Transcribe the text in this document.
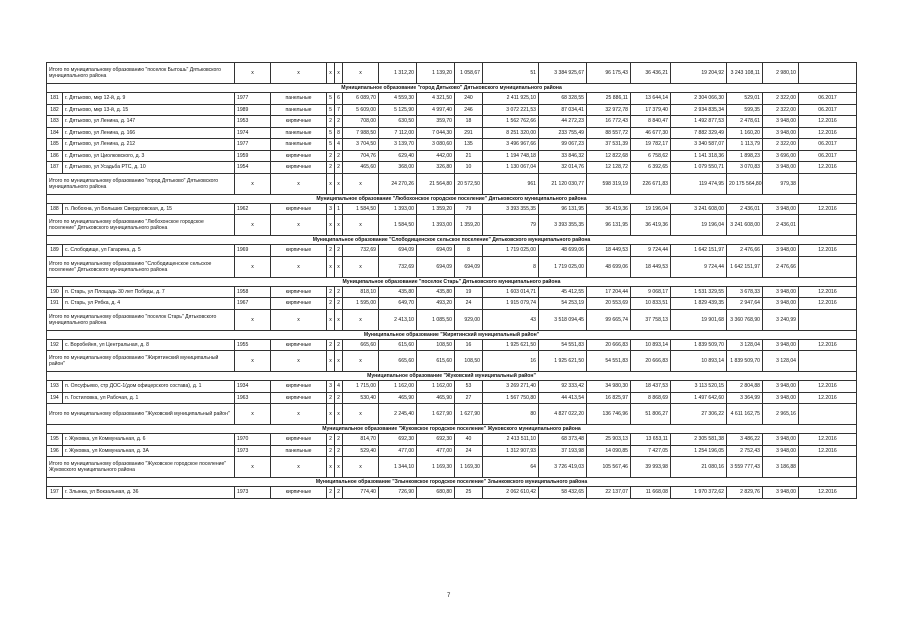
Итого по муниципальному образованию "поселок Бытошь" Дятьковского муниципального района		x	x	x	x	x	1 312,20	1 139,20	1 058,67	51	3 384 925,67	96 175,43	36 436,21	19 204,92	3 243 108,11	2 980,10		
Муниципальное образование "город Дятьково" Дятьковского муниципального района																		
181	г. Дятьково, мкр 12-й, д. 9	1977	панельные	5	6	6 089,70	4 559,30	4 321,50	240	2 411 925,10	68 328,55	25 886,11	13 644,14	2 304 066,30	529,01	2 322,00	06.2017	
182	г. Дятьково, мкр 13-й, д. 15	1989	панельные	5	7	5 609,00	5 125,90	4 997,40	246	3 072 221,53	87 034,41	32 972,78	17 379,40	2 934 835,34	599,35	2 322,00	06.2017	
183	г. Дятьково, ул Ленина, д. 147	1953	кирпичные	2	2	708,00	630,50	359,70	18	1 562 762,66	44 272,23	16 772,43	8 840,47	1 492 877,53	2 478,61	3 948,00	12.2016	
184	г. Дятьково, ул Ленина, д. 166	1974	панельные	5	8	7 988,50	7 112,00	7 044,30	291	8 251 320,00	233 755,49	88 557,72	46 677,30	7 882 329,49	1 160,20	3 948,00	12.2016	
185	г. Дятьково, ул Ленина, д. 212	1977	панельные	5	4	3 704,50	3 139,70	3 080,60	135	3 496 967,66	99 067,23	37 531,39	19 782,17	3 340 587,07	1 113,79	2 322,00	06.2017	
186	г. Дятьково, ул Циолковского, д. 3	1959	кирпичные	2	2	704,76	629,40	442,00	21	1 194 748,18	33 846,32	12 822,68	6 758,62	1 141 318,36	1 898,23	3 696,00	06.2017	
187	г. Дятьково, ул Усадьба РТС, д. 10	1954	кирпичные	2	2	465,60	368,00	326,80	10	1 130 067,04	32 014,76	12 128,72	6 392,65	1 079 550,71	3 070,83	3 948,00	12.2016	
Итого по муниципальному образованию "город Дятьково" Дятьковского муниципального района		x	x	x	x	x	24 270,26	21 564,80	20 572,50	961	21 120 030,77	598 319,19	226 671,83	119 474,95	20 175 564,80	979,38		
Муниципальное образование "Любохонское городское поселение" Дятьковского муниципального района																		
188	п. Любохна, ул Больших Свердловская, д. 15	1962	кирпичные	3	1	1 584,50	1 393,00	1 359,20	79	3 393 355,35	96 131,95	36 419,36	19 196,04	3 241 608,00	2 436,01	3 948,00	12.2016	
Итого по муниципальному образованию "Любохонское городское поселение" Дятьковского муниципального района		x	x	x	x	x	1 584,50	1 393,00	1 359,20	79	3 393 355,35	96 131,95	36 419,36	19 196,04	3 241 608,00	2 436,01		
Муниципальное образование "Слободищенское сельское поселение" Дятьковского муниципального района																		
189	с. Слободище, ул Гагарина, д. 5	1969	кирпичные	2	2	732,69	694,09	694,09	8	1 719 025,00	48 699,06	18 449,53	9 724,44	1 642 151,97	2 476,66	3 948,00	12.2016	
Итого по муниципальному образованию "Слободищенское сельское поселение" Дятьковского муниципального района		x	x	x	x	x	732,69	694,09	694,09	8	1 719 025,00	48 699,06	18 449,53	9 724,44	1 642 151,97	2 476,66		
Муниципальное образование "поселок Старь" Дятьковского муниципального района																		
190	п. Старь, ул Площадь 30 лет Победы, д. 7	1958	кирпичные	2	2	818,10	435,80	435,80	19	1 603 014,71	45 412,55	17 204,44	9 068,17	1 531 329,55	3 678,33	3 948,00	12.2016	
191	п. Старь, ул Рябка, д. 4	1967	кирпичные	2	2	1 595,00	649,70	493,20	24	1 915 079,74	54 253,19	20 553,69	10 833,51	1 829 439,35	2 947,64	3 948,00	12.2016	
Итого по муниципальному образованию "поселок Старь" Дятьковского муниципального района		x	x	x	x	x	2 413,10	1 085,50	929,00	43	3 518 094,45	99 665,74	37 758,13	19 901,68	3 360 768,90	3 240,99		
Муниципальное образование "Жирятинский муниципальный район"																		
192	с. Воробейня, ул Центральная, д. 8	1955	кирпичные	2	2	665,60	615,60	108,50	16	1 925 621,50	54 551,83	20 666,83	10 893,14	1 839 509,70	3 128,04	3 948,00	12.2016	
Итого по муниципальному образованию "Жирятинский муниципальный район"		x	x	x	x	x	665,60	615,60	108,50	16	1 925 621,50	54 551,83	20 666,83	10 893,14	1 839 509,70	3 128,04		
Муниципальное образование "Жуковский муниципальный район"																		
193	п. Олсуфьево, стр ДОС-1(дом офицерского состава), д. 1	1934	кирпичные	3	4	1 715,00	1 162,00	1 162,00	53	3 269 271,40	92 333,42	34 980,30	18 437,53	3 113 520,15	2 804,88	3 948,00	12.2016	
194	п. Гостиловка, ул Рабочая, д. 1	1963	кирпичные	2	2	530,40	465,90	465,90	27	1 567 750,80	44 413,54	16 825,97	8 868,69	1 497 642,60	3 364,99	3 948,00	12.2016	
Итого по муниципальному образованию "Жуковский муниципальный район"		x	x	x	x	x	2 245,40	1 627,90	1 627,90	80	4 827 022,20	136 746,96	51 806,27	27 306,22	4 611 162,75	2 965,16		
Муниципальное образование "Жуковское городское поселение" Жуковского муниципального района																		
195	г. Жуковка, ул Коммунальная, д. 6	1970	кирпичные	2	2	814,70	692,30	692,30	40	2 413 511,10	68 373,48	25 903,13	13 653,11	2 305 581,38	3 486,22	3 948,00	12.2016	
196	г. Жуковка, ул Коммунальная, д. 3А	1973	панельные	2	2	529,40	477,00	477,00	24	1 312 907,93	37 193,98	14 090,85	7 427,05	1 254 196,05	2 752,43	3 948,00	12.2016	
Итого по муниципальному образованию "Жуковское городское поселение" Жуковского муниципального района		x	x	x	x	x	1 344,10	1 169,30	1 169,30	64	3 726 419,03	105 567,46	39 993,98	21 080,16	3 559 777,43	3 186,88		
Муниципальное образование "Злынковское городское поселение" Злынковского муниципального района																		
197	г. Злынка, ул Вокзальная, д. 36	1973	кирпичные	2	2	774,40	726,90	680,80	25	2 062 610,42	58 432,65	22 137,07	11 668,08	1 970 372,62	2 829,76	3 948,00	12.2016	
7
